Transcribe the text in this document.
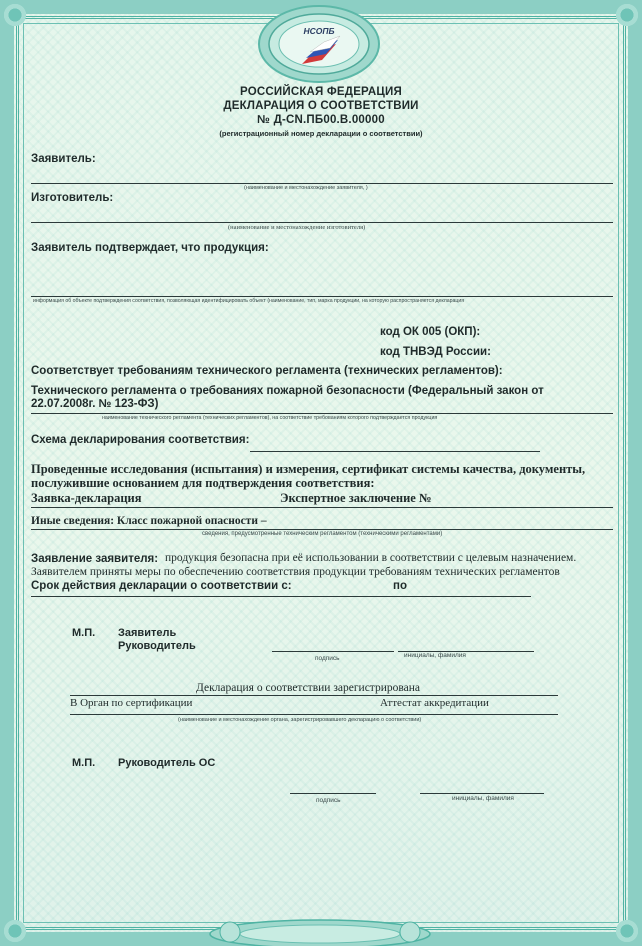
НСОПБ
РОССИЙСКАЯ ФЕДЕРАЦИЯ
ДЕКЛАРАЦИЯ О СООТВЕТСТВИИ
№ Д-СN.ПБ00.В.00000
(регистрационный номер декларации о соответствии)
Заявитель:
(наименование и местонахождение заявителя, )
Изготовитель:
(наименование и местонахождение изготовителя)
Заявитель подтверждает, что продукция:
информация об объекте подтверждения соответствия, позволяющая идентифицировать объект (наименование, тип, марка продукции, на которую распространяется декларация
код ОК 005 (ОКП):
код ТНВЭД России:
Соответствует требованиям технического регламента (технических регламентов):
Технического регламента о требованиях пожарной безопасности (Федеральный закон от
22.07.2008г. № 123-ФЗ)
наименование технического регламента (технических регламентов), на соответствие требованиям которого подтверждается продукция
Схема декларирования соответствия:
Проведенные исследования (испытания) и измерения, сертификат системы качества, документы,
послужившие основанием для подтверждения соответствия:
Заявка-декларация	Экспертное заключение №
Иные сведения: Класс пожарной опасности –
сведения, предусмотренные техническим регламентом (техническими регламентами)
Заявление заявителя: продукция безопасна при её использовании в соответствии с целевым назначением.
Заявителем приняты меры по обеспечению соответствия продукции требованиям технических регламентов
Срок действия декларации о соответствии с:	по
М.П. Заявитель
Руководитель
подпись	инициалы, фамилия
Декларация о соответствии зарегистрирована
В Орган по сертификации	Аттестат аккредитации
(наименование и местонахождение органа, зарегистрировавшего декларацию о соответствии)
М.П. Руководитель ОС
подпись	инициалы, фамилия
